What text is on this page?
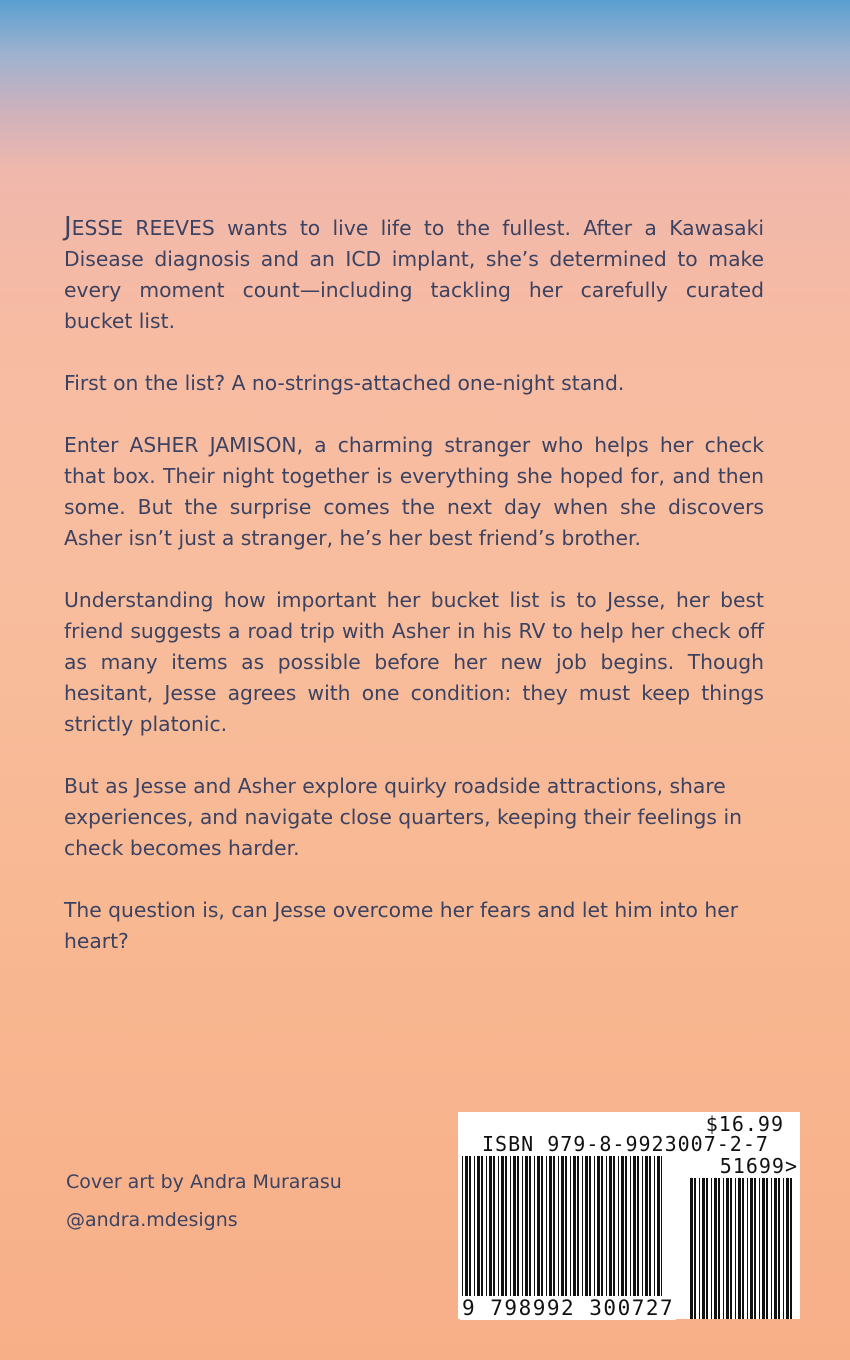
JESSE REEVES wants to live life to the fullest. After a Kawasaki Disease diagnosis and an ICD implant, she’s determined to make every moment count—including tackling her carefully curated bucket list.

First on the list? A no-strings-attached one-night stand.

Enter ASHER JAMISON, a charming stranger who helps her check that box. Their night together is everything she hoped for, and then some. But the surprise comes the next day when she discovers Asher isn’t just a stranger, he’s her best friend’s brother.

Understanding how important her bucket list is to Jesse, her best friend suggests a road trip with Asher in his RV to help her check off as many items as possible before her new job begins. Though hesitant, Jesse agrees with one condition: they must keep things strictly platonic.

But as Jesse and Asher explore quirky roadside attractions, share experiences, and navigate close quarters, keeping their feelings in check becomes harder.

The question is, can Jesse overcome her fears and let him into her heart?

Cover art by Andra Murarasu
@andra.mdesigns
$16.99
ISBN 979-8-9923007-2-7
51699>
9 798992 300727
